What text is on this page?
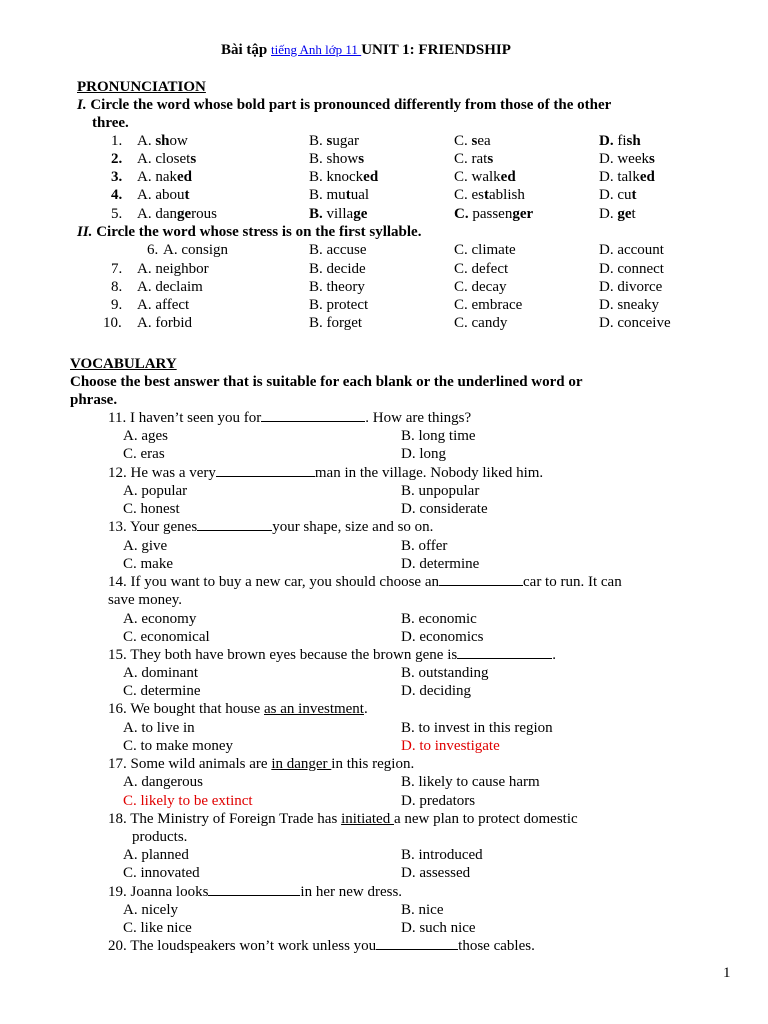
Bài tập tiếng Anh lớp 11 UNIT 1: FRIENDSHIP
PRONUNCIATION
I. Circle the word whose bold part is pronounced differently from those of the other
three.
1. A. show	B. sugar	C. sea	D. fish
2. A. closets	B. shows	C. rats	D. weeks
3. A. naked	B. knocked	C. walked	D. talked
4. A. about	B. mutual	C. establish	D. cut
5. A. dangerous	B. village	C. passenger	D. get
II. Circle the word whose stress is on the first syllable.
6. A. consign	B. accuse	C. climate	D. account
7. A. neighbor	B. decide	C. defect	D. connect
8. A. declaim	B. theory	C. decay	D. divorce
9. A. affect	B. protect	C. embrace	D. sneaky
10. A. forbid	B. forget	C. candy	D. conceive
VOCABULARY
Choose the best answer that is suitable for each blank or the underlined word or
phrase.
11. I haven’t seen you for	. How are things?
A. ages	B. long time
C. eras	D. long
12. He was a very	man in the village. Nobody liked him.
A. popular	B. unpopular
C. honest	D. considerate
13. Your genes	your shape, size and so on.
A. give	B. offer
C. make	D. determine
14. If you want to buy a new car, you should choose an	car to run. It can
save money.
A. economy	B. economic
C. economical	D. economics
15. They both have brown eyes because the brown gene is	.
A. dominant	B. outstanding
C. determine	D. deciding
16. We bought that house as an investment.
A. to live in	B. to invest in this region
C. to make money	D. to investigate
17. Some wild animals are in danger in this region.
A. dangerous	B. likely to cause harm
C. likely to be extinct	D. predators
18. The Ministry of Foreign Trade has initiated a new plan to protect domestic
products.
A. planned	B. introduced
C. innovated	D. assessed
19. Joanna looks	in her new dress.
A. nicely	B. nice
C. like nice	D. such nice
20. The loudspeakers won’t work unless you	those cables.
1
